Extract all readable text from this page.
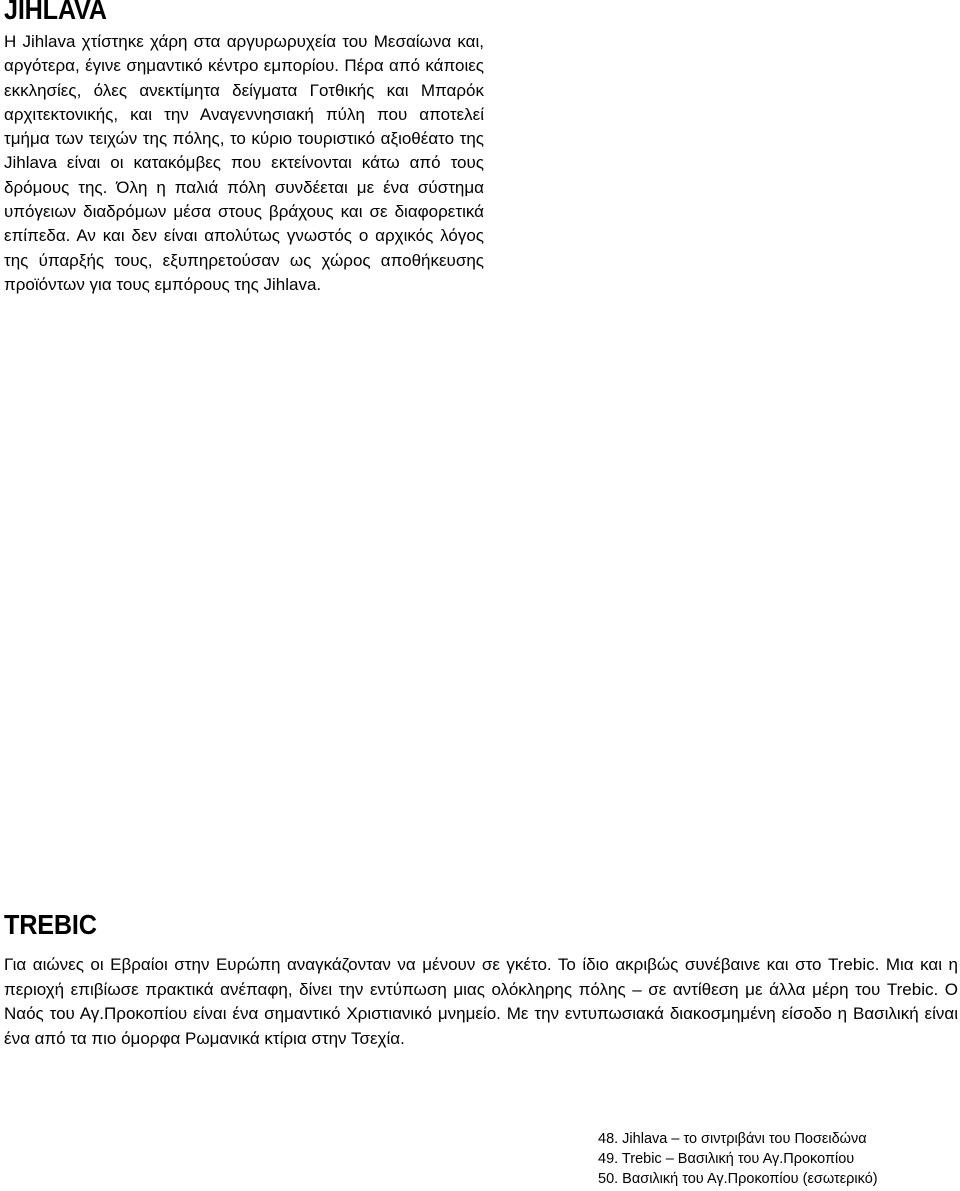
JIHLAVA

Η Jihlava χτίστηκε χάρη στα αργυρωρυχεία του Μεσαίωνα και, αργότερα, έγινε σημαντικό κέντρο εμπορίου. Πέρα από κάποιες εκκλησίες, όλες ανεκτίμητα δείγματα Γοτθικής και Μπαρόκ αρχιτεκτονικής, και την Αναγεννησιακή πύλη που αποτελεί τμήμα των τειχών της πόλης, το κύριο τουριστικό αξιοθέατο της Jihlava είναι οι κατακόμβες που εκτείνονται κάτω από τους δρόμους της. Όλη η παλιά πόλη συνδέεται με ένα σύστημα υπόγειων διαδρόμων μέσα στους βράχους και σε διαφορετικά επίπεδα. Αν και δεν είναι απολύτως γνωστός ο αρχικός λόγος της ύπαρξής τους, εξυπηρετούσαν ως χώρος αποθήκευσης προϊόντων για τους εμπόρους της Jihlava.

TREBIC

Για αιώνες οι Εβραίοι στην Ευρώπη αναγκάζονταν να μένουν σε γκέτο. Το ίδιο ακριβώς συνέβαινε και στο Trebic. Μια και η περιοχή επιβίωσε πρακτικά ανέπαφη, δίνει την εντύπωση μιας ολόκληρης πόλης – σε αντίθεση με άλλα μέρη του Trebic. Ο Ναός του Αγ.Προκοπίου είναι ένα σημαντικό Χριστιανικό μνημείο. Με την εντυπωσιακά διακοσμημένη είσοδο η Βασιλική είναι ένα από τα πιο όμορφα Ρωμανικά κτίρια στην Τσεχία.

48. Jihlava – το σιντριβάνι του Ποσειδώνα
49. Trebic – Βασιλική του Αγ.Προκοπίου
50. Βασιλική του Αγ.Προκοπίου (εσωτερικό)
